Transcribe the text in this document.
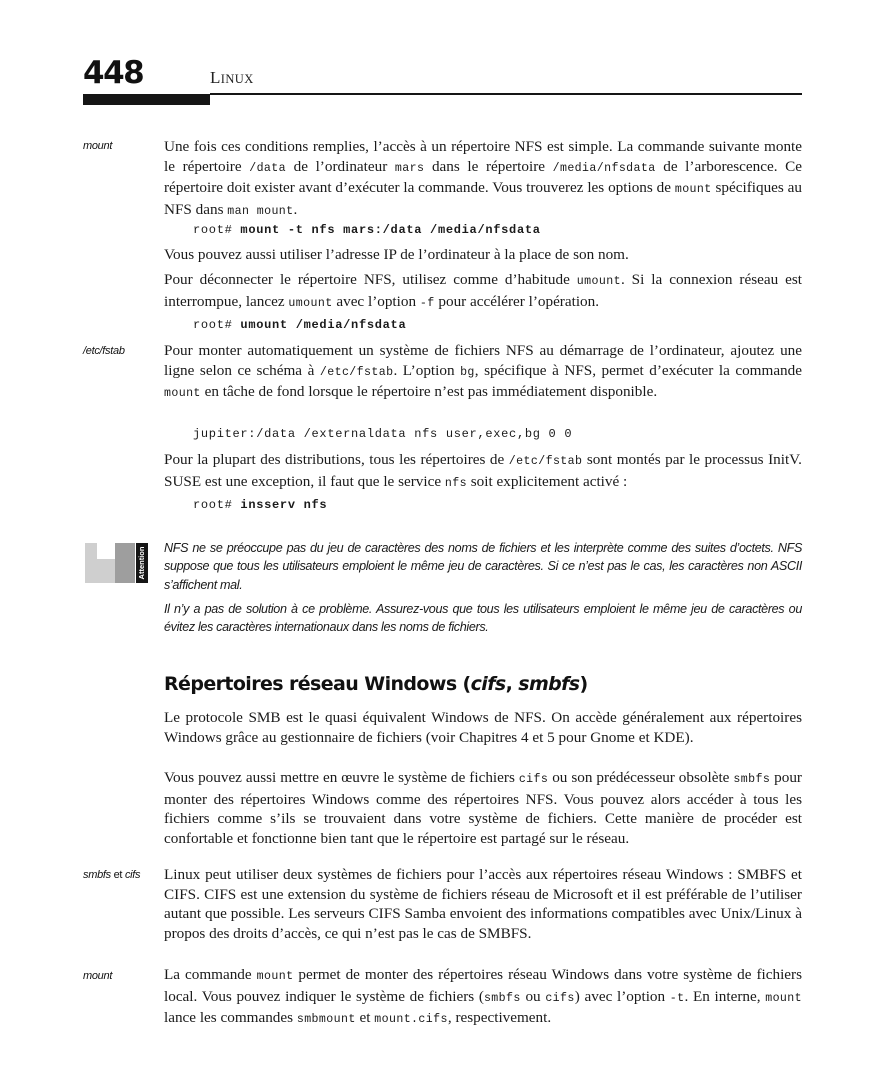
448	LINUX
mount
/etc/fstab
smbfs et cifs
mount

Une fois ces conditions remplies, l’accès à un répertoire NFS est simple. La commande suivante monte le répertoire /data de l’ordinateur mars dans le répertoire /media/nfsdata de l’arborescence. Ce répertoire doit exister avant d’exécuter la commande. Vous trouverez les options de mount spécifiques au NFS dans man mount.

root# mount -t nfs mars:/data /media/nfsdata

Vous pouvez aussi utiliser l’adresse IP de l’ordinateur à la place de son nom.

Pour déconnecter le répertoire NFS, utilisez comme d’habitude umount. Si la connexion réseau est interrompue, lancez umount avec l’option -f pour accélérer l’opération.

root# umount /media/nfsdata

Pour monter automatiquement un système de fichiers NFS au démarrage de l’ordinateur, ajoutez une ligne selon ce schéma à /etc/fstab. L’option bg, spécifique à NFS, permet d’exécuter la commande mount en tâche de fond lorsque le répertoire n’est pas immédiatement disponible.

jupiter:/data /externaldata nfs user,exec,bg 0 0

Pour la plupart des distributions, tous les répertoires de /etc/fstab sont montés par le processus InitV. SUSE est une exception, il faut que le service nfs soit explicitement activé :

root# insserv nfs
Attention NFS ne se préoccupe pas du jeu de caractères des noms de fichiers et les interprète comme des suites d’octets. NFS suppose que tous les utilisateurs emploient le même jeu de caractères. Si ce n’est pas le cas, les caractères non ASCII s’affichent mal.

Il n’y a pas de solution à ce problème. Assurez-vous que tous les utilisateurs emploient le même jeu de caractères ou évitez les caractères internationaux dans les noms de fichiers.

Répertoires réseau Windows (cifs, smbfs)

Le protocole SMB est le quasi équivalent Windows de NFS. On accède généralement aux répertoires Windows grâce au gestionnaire de fichiers (voir Chapitres 4 et 5 pour Gnome et KDE).

Vous pouvez aussi mettre en œuvre le système de fichiers cifs ou son prédécesseur obsolète smbfs pour monter des répertoires Windows comme des répertoires NFS. Vous pouvez alors accéder à tous les fichiers comme s’ils se trouvaient dans votre système de fichiers. Cette manière de procéder est confortable et fonctionne bien tant que le répertoire est partagé sur le réseau.

Linux peut utiliser deux systèmes de fichiers pour l’accès aux répertoires réseau Windows : SMBFS et CIFS. CIFS est une extension du système de fichiers réseau de Microsoft et il est préférable de l’utiliser autant que possible. Les serveurs CIFS Samba envoient des informations compatibles avec Unix/Linux à propos des droits d’accès, ce qui n’est pas le cas de SMBFS.

La commande mount permet de monter des répertoires réseau Windows dans votre système de fichiers local. Vous pouvez indiquer le système de fichiers (smbfs ou cifs) avec l’option -t. En interne, mount lance les commandes smbmount et mount.cifs, respectivement.
